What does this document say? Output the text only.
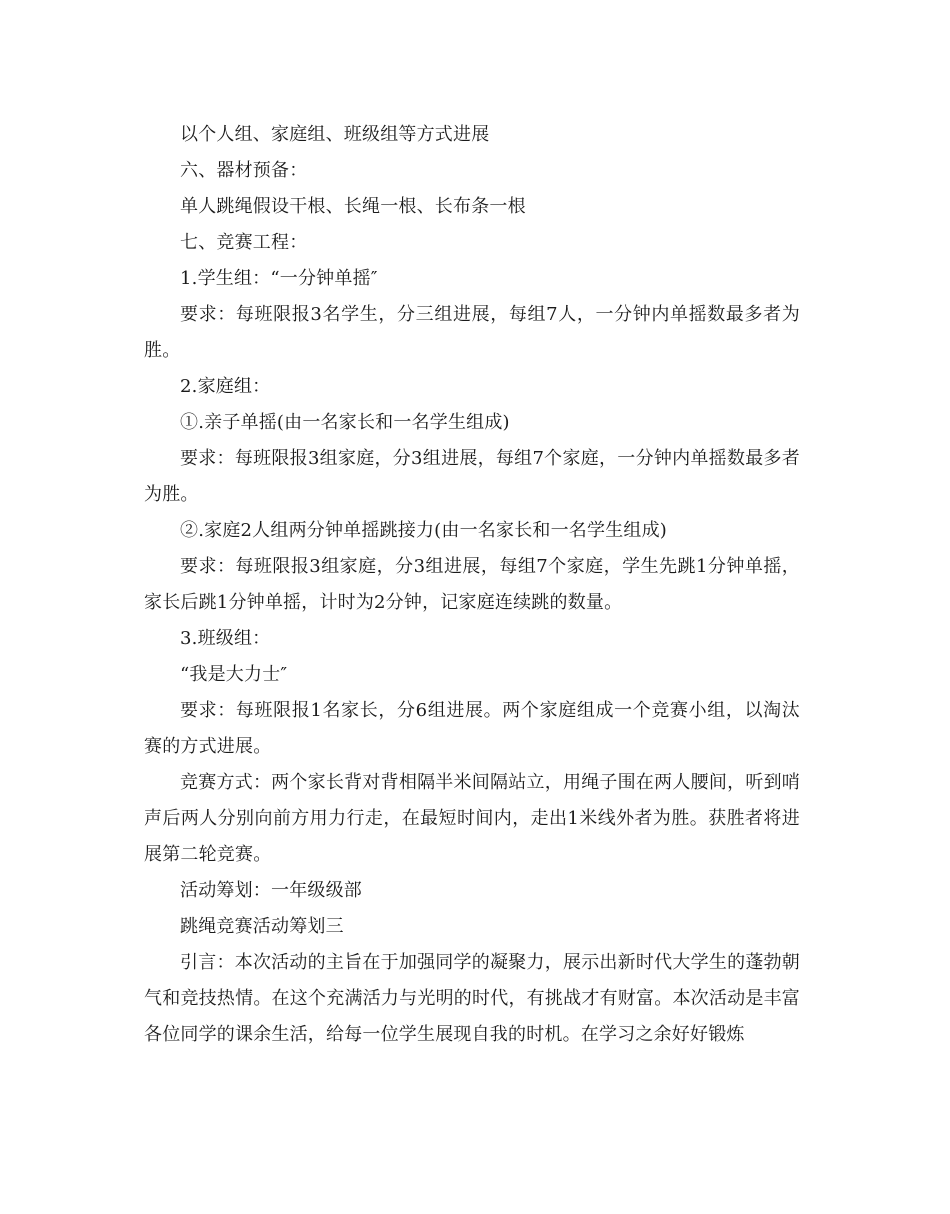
以个人组、家庭组、班级组等方式进展

六、器材预备：

单人跳绳假设干根、长绳一根、长布条一根

七、竞赛工程：

1.学生组：“一分钟单摇″

要求：每班限报3名学生，分三组进展，每组7人，一分钟内单摇数最多者为胜。

2.家庭组：

①.亲子单摇(由一名家长和一名学生组成)

要求：每班限报3组家庭，分3组进展，每组7个家庭，一分钟内单摇数最多者为胜。

②.家庭2人组两分钟单摇跳接力(由一名家长和一名学生组成)

要求：每班限报3组家庭，分3组进展，每组7个家庭，学生先跳1分钟单摇，家长后跳1分钟单摇，计时为2分钟，记家庭连续跳的数量。

3.班级组：

“我是大力士″

要求：每班限报1名家长，分6组进展。两个家庭组成一个竞赛小组，以淘汰赛的方式进展。

竞赛方式：两个家长背对背相隔半米间隔站立，用绳子围在两人腰间，听到哨声后两人分别向前方用力行走，在最短时间内，走出1米线外者为胜。获胜者将进展第二轮竞赛。

活动筹划：一年级级部

跳绳竞赛活动筹划三

引言：本次活动的主旨在于加强同学的凝聚力，展示出新时代大学生的蓬勃朝气和竞技热情。在这个充满活力与光明的时代，有挑战才有财富。本次活动是丰富各位同学的课余生活，给每一位学生展现自我的时机。在学习之余好好锻炼
